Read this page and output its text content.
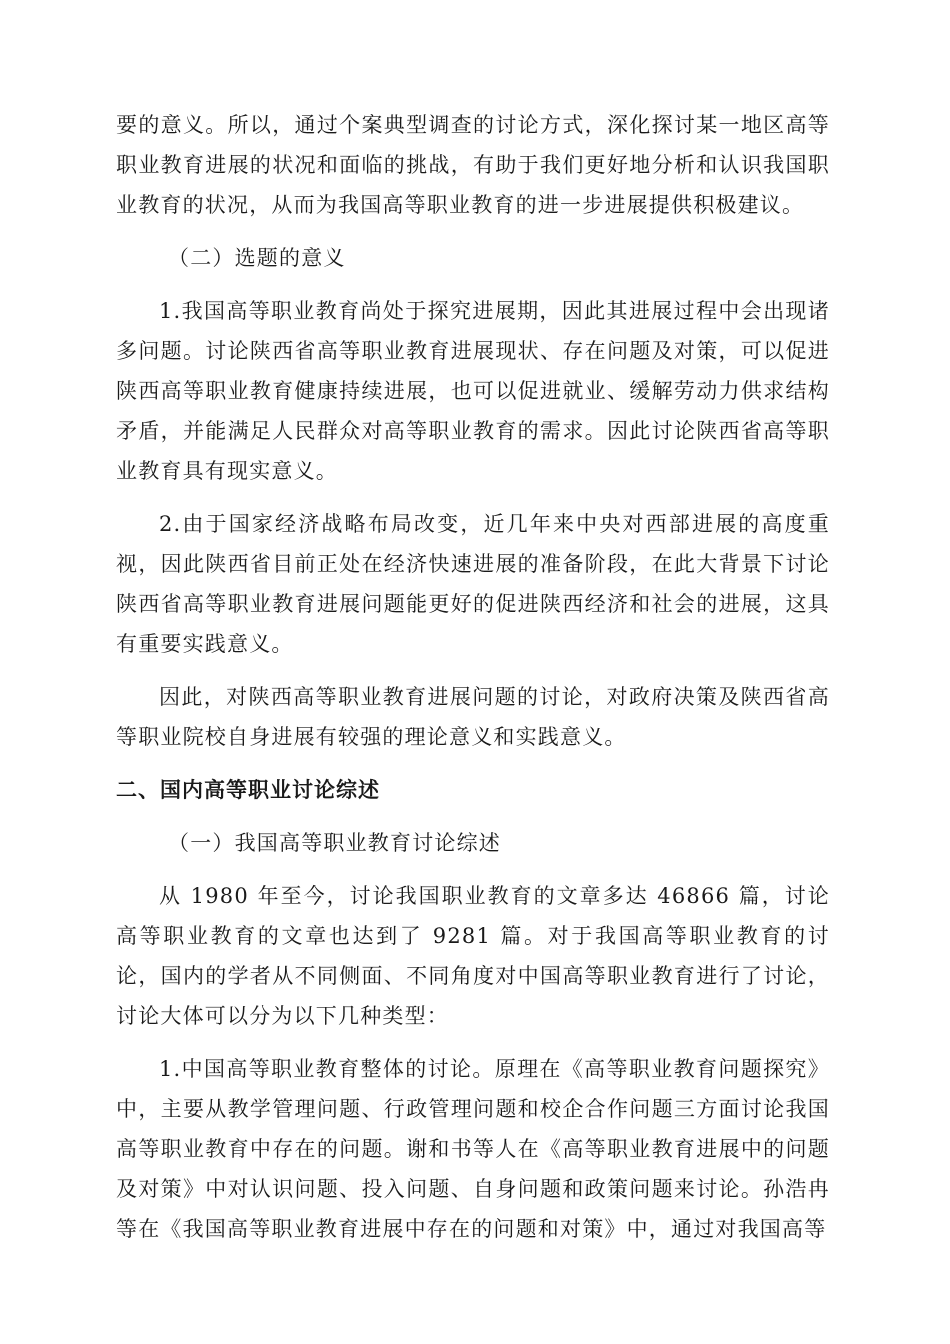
要的意义。所以，通过个案典型调查的讨论方式，深化探讨某一地区高等职业教育进展的状况和面临的挑战，有助于我们更好地分析和认识我国职业教育的状况，从而为我国高等职业教育的进一步进展提供积极建议。

（二）选题的意义

1.我国高等职业教育尚处于探究进展期，因此其进展过程中会出现诸多问题。讨论陕西省高等职业教育进展现状、存在问题及对策，可以促进陕西高等职业教育健康持续进展，也可以促进就业、缓解劳动力供求结构矛盾，并能满足人民群众对高等职业教育的需求。因此讨论陕西省高等职业教育具有现实意义。

2.由于国家经济战略布局改变，近几年来中央对西部进展的高度重视，因此陕西省目前正处在经济快速进展的准备阶段，在此大背景下讨论陕西省高等职业教育进展问题能更好的促进陕西经济和社会的进展，这具有重要实践意义。

因此，对陕西高等职业教育进展问题的讨论，对政府决策及陕西省高等职业院校自身进展有较强的理论意义和实践意义。

二、国内高等职业讨论综述

（一）我国高等职业教育讨论综述

从 1980 年至今，讨论我国职业教育的文章多达 46866 篇，讨论高等职业教育的文章也达到了 9281 篇。对于我国高等职业教育的讨论，国内的学者从不同侧面、不同角度对中国高等职业教育进行了讨论，讨论大体可以分为以下几种类型：

1.中国高等职业教育整体的讨论。原理在《高等职业教育问题探究》中，主要从教学管理问题、行政管理问题和校企合作问题三方面讨论我国高等职业教育中存在的问题。谢和书等人在《高等职业教育进展中的问题及对策》中对认识问题、投入问题、自身问题和政策问题来讨论。孙浩冉等在《我国高等职业教育进展中存在的问题和对策》中，通过对我国高等
